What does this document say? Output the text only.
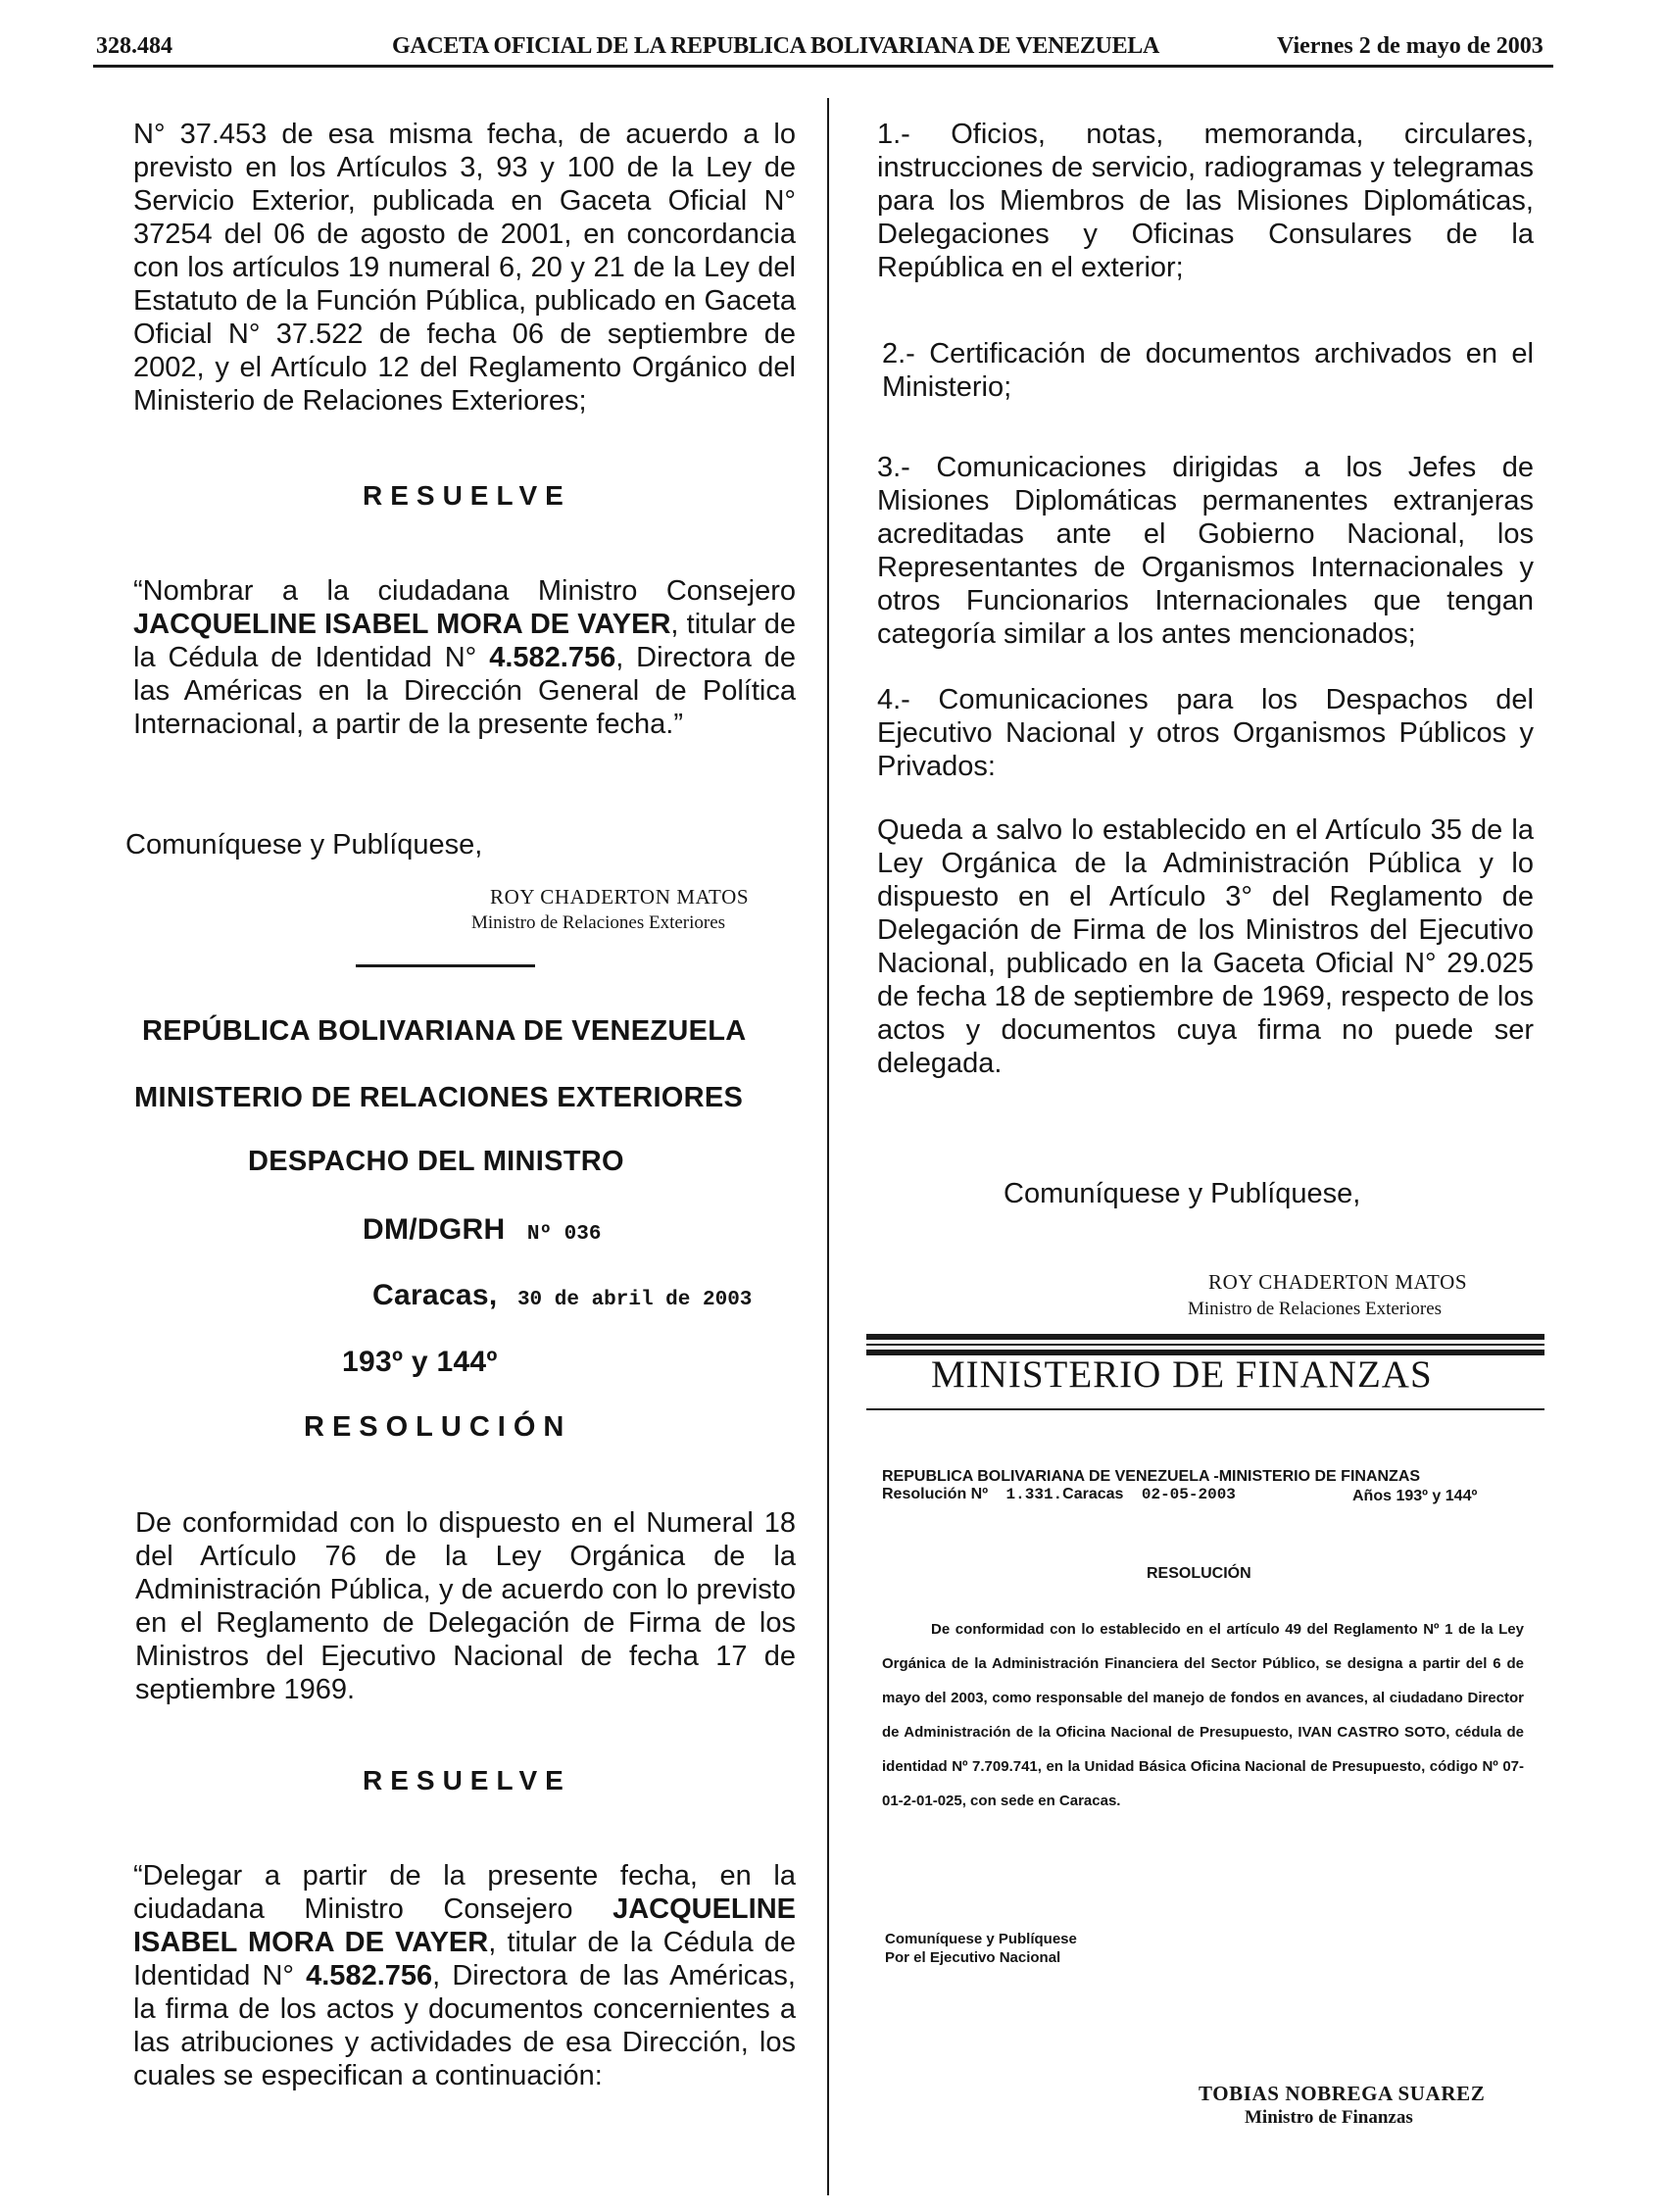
328.484	GACETA OFICIAL DE LA REPUBLICA BOLIVARIANA DE VENEZUELA	Viernes 2 de mayo de 2003

N° 37.453 de esa misma fecha, de acuerdo a lo previsto en los Artículos 3, 93 y 100 de la Ley de Servicio Exterior, publicada en Gaceta Oficial N° 37254 del 06 de agosto de 2001, en concordancia con los artículos 19 numeral 6, 20 y 21 de la Ley del Estatuto de la Función Pública, publicado en Gaceta Oficial N° 37.522 de fecha 06 de septiembre de 2002, y el Artículo 12 del Reglamento Orgánico del Ministerio de Relaciones Exteriores;

RESUELVE

“Nombrar a la ciudadana Ministro Consejero JACQUELINE ISABEL MORA DE VAYER, titular de la Cédula de Identidad N° 4.582.756, Directora de las Américas en la Dirección General de Política Internacional, a partir de la presente fecha.”

Comuníquese y Publíquese,
ROY CHADERTON MATOS
Ministro de Relaciones Exteriores
REPÚBLICA BOLIVARIANA DE VENEZUELA
MINISTERIO DE RELACIONES EXTERIORES
DESPACHO DEL MINISTRO
DM/DGRH Nº 036
Caracas, 30 de abril de 2003
193º y 144º
RESOLUCIÓN

De conformidad con lo dispuesto en el Numeral 18 del Artículo 76 de la Ley Orgánica de la Administración Pública, y de acuerdo con lo previsto en el Reglamento de Delegación de Firma de los Ministros del Ejecutivo Nacional de fecha 17 de septiembre 1969.

RESUELVE

“Delegar a partir de la presente fecha, en la ciudadana Ministro Consejero JACQUELINE ISABEL MORA DE VAYER, titular de la Cédula de Identidad N° 4.582.756, Directora de las Américas, la firma de los actos y documentos concernientes a las atribuciones y actividades de esa Dirección, los cuales se especifican a continuación:

1.- Oficios, notas, memoranda, circulares, instrucciones de servicio, radiogramas y telegramas para los Miembros de las Misiones Diplomáticas, Delegaciones y Oficinas Consulares de la República en el exterior;

2.- Certificación de documentos archivados en el Ministerio;

3.- Comunicaciones dirigidas a los Jefes de Misiones Diplomáticas permanentes extranjeras acreditadas ante el Gobierno Nacional, los Representantes de Organismos Internacionales y otros Funcionarios Internacionales que tengan categoría similar a los antes mencionados;

4.- Comunicaciones para los Despachos del Ejecutivo Nacional y otros Organismos Públicos y Privados:

Queda a salvo lo establecido en el Artículo 35 de la Ley Orgánica de la Administración Pública y lo dispuesto en el Artículo 3° del Reglamento de Delegación de Firma de los Ministros del Ejecutivo Nacional, publicado en la Gaceta Oficial N° 29.025 de fecha 18 de septiembre de 1969, respecto de los actos y documentos cuya firma no puede ser delegada.

Comuníquese y Publíquese,
ROY CHADERTON MATOS
Ministro de Relaciones Exteriores
MINISTERIO DE FINANZAS
REPUBLICA BOLIVARIANA DE VENEZUELA -MINISTERIO DE FINANZAS
Resolución Nº 1.331.Caracas 02-05-2003	Años 193º y 144º
RESOLUCIÓN

De conformidad con lo establecido en el artículo 49 del Reglamento Nº 1 de la Ley Orgánica de la Administración Financiera del Sector Público, se designa a partir del 6 de mayo del 2003, como responsable del manejo de fondos en avances, al ciudadano Director de Administración de la Oficina Nacional de Presupuesto, IVAN CASTRO SOTO, cédula de identidad Nº 7.709.741, en la Unidad Básica Oficina Nacional de Presupuesto, código Nº 07-01-2-01-025, con sede en Caracas.

Comuníquese y Publíquese
Por el Ejecutivo Nacional
TOBIAS NOBREGA SUAREZ
Ministro de Finanzas
